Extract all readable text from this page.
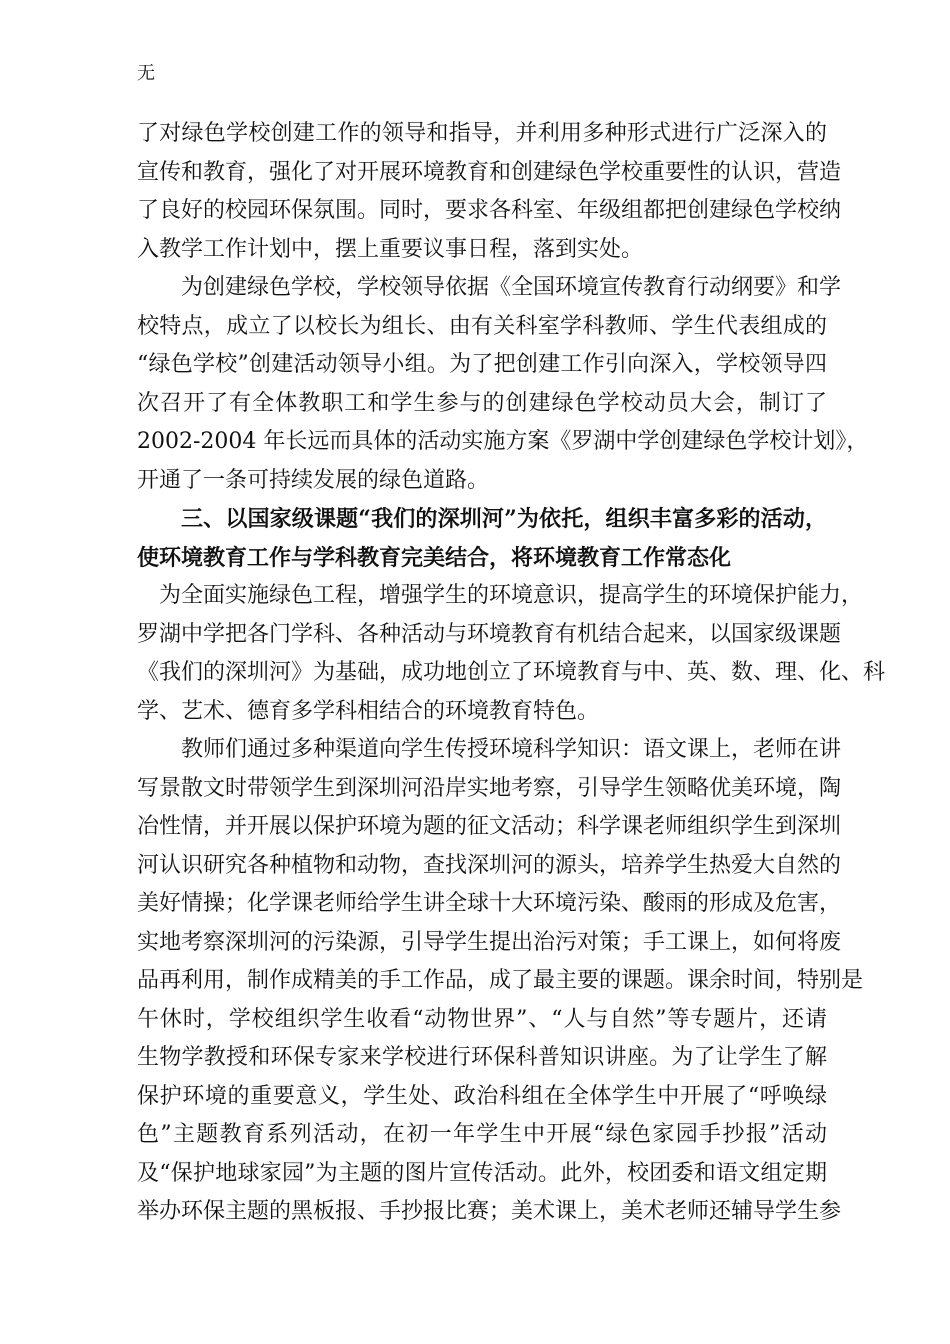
无
了对绿色学校创建工作的领导和指导，并利用多种形式进行广泛深入的
宣传和教育，强化了对开展环境教育和创建绿色学校重要性的认识，营造
了良好的校园环保氛围。同时，要求各科室、年级组都把创建绿色学校纳
入教学工作计划中，摆上重要议事日程，落到实处。
为创建绿色学校，学校领导依据《全国环境宣传教育行动纲要》和学
校特点，成立了以校长为组长、由有关科室学科教师、学生代表组成的
“绿色学校”创建活动领导小组。为了把创建工作引向深入，学校领导四
次召开了有全体教职工和学生参与的创建绿色学校动员大会，制订了
2002-2004 年长远而具体的活动实施方案《罗湖中学创建绿色学校计划》，
开通了一条可持续发展的绿色道路。
三、以国家级课题“我们的深圳河”为依托，组织丰富多彩的活动，
使环境教育工作与学科教育完美结合，将环境教育工作常态化
为全面实施绿色工程，增强学生的环境意识，提高学生的环境保护能力，
罗湖中学把各门学科、各种活动与环境教育有机结合起来，以国家级课题
《我们的深圳河》为基础，成功地创立了环境教育与中、英、数、理、化、科
学、艺术、德育多学科相结合的环境教育特色。
教师们通过多种渠道向学生传授环境科学知识：语文课上，老师在讲
写景散文时带领学生到深圳河沿岸实地考察，引导学生领略优美环境，陶
冶性情，并开展以保护环境为题的征文活动；科学课老师组织学生到深圳
河认识研究各种植物和动物，查找深圳河的源头，培养学生热爱大自然的
美好情操；化学课老师给学生讲全球十大环境污染、酸雨的形成及危害，
实地考察深圳河的污染源，引导学生提出治污对策；手工课上，如何将废
品再利用，制作成精美的手工作品，成了最主要的课题。课余时间，特别是
午休时，学校组织学生收看“动物世界”、“人与自然”等专题片，还请
生物学教授和环保专家来学校进行环保科普知识讲座。为了让学生了解
保护环境的重要意义，学生处、政治科组在全体学生中开展了“呼唤绿
色”主题教育系列活动，在初一年学生中开展“绿色家园手抄报”活动
及“保护地球家园”为主题的图片宣传活动。此外，校团委和语文组定期
举办环保主题的黑板报、手抄报比赛；美术课上，美术老师还辅导学生参
